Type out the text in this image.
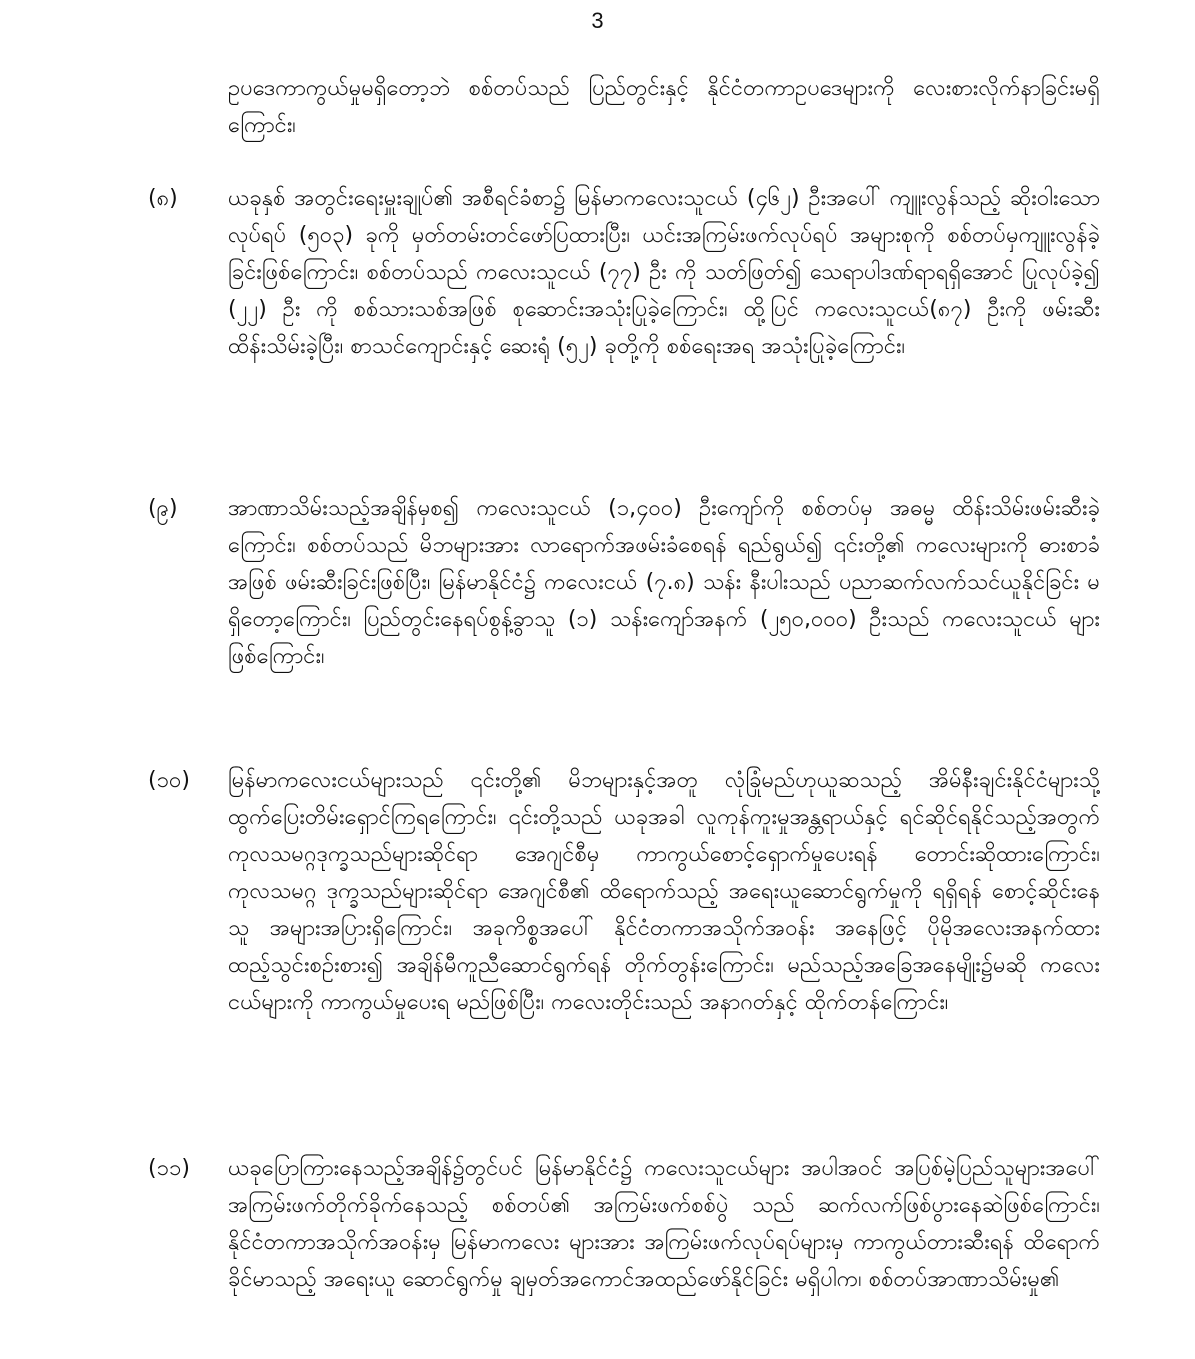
3

ဥပဒေကာကွယ်မှုမရှိတော့ဘဲ စစ်တပ်သည် ပြည်တွင်းနှင့် နိုင်ငံတကာဥပဒေများကို လေးစားလိုက်နာခြင်းမရှိကြောင်း၊

(၈)	ယခုနှစ် အတွင်းရေးမှူးချုပ်၏ အစီရင်ခံစာ၌ မြန်မာကလေးသူငယ် (၄၆၂) ဦးအပေါ် ကျူးလွန်သည့် ဆိုးဝါးသော လုပ်ရပ် (၅၀၃) ခုကို မှတ်တမ်းတင်ဖော်ပြထားပြီး၊ ယင်းအကြမ်းဖက်လုပ်ရပ် အများစုကို စစ်တပ်မှကျူးလွန်ခဲ့ခြင်းဖြစ်ကြောင်း၊ စစ်တပ်သည် ကလေးသူငယ် (၇၇) ဦး ကို သတ်ဖြတ်၍ သေရာပါဒဏ်ရာရရှိအောင် ပြုလုပ်ခဲ့၍ (၂၂) ဦး ကို စစ်သားသစ်အဖြစ် စုဆောင်းအသုံးပြုခဲ့ကြောင်း၊ ထို့ပြင် ကလေးသူငယ်(၈၇) ဦးကို ဖမ်းဆီးထိန်းသိမ်းခဲ့ပြီး၊ စာသင်ကျောင်းနှင့် ဆေးရုံ (၅၂) ခုတို့ကို စစ်ရေးအရ အသုံးပြုခဲ့ကြောင်း၊

(၉)	အာဏာသိမ်းသည့်အချိန်မှစ၍ ကလေးသူငယ် (၁,၄၀၀) ဦးကျော်ကို စစ်တပ်မှ အဓမ္မ ထိန်းသိမ်းဖမ်းဆီးခဲ့ကြောင်း၊ စစ်တပ်သည် မိဘများအား လာရောက်အဖမ်းခံစေရန် ရည်ရွယ်၍ ၎င်းတို့၏ ကလေးများကို ဓားစာခံအဖြစ် ဖမ်းဆီးခြင်းဖြစ်ပြီး၊ မြန်မာနိုင်ငံ၌ ကလေးငယ် (၇.၈) သန်း နီးပါးသည် ပညာဆက်လက်သင်ယူနိုင်ခြင်း မရှိတော့ကြောင်း၊ ပြည်တွင်းနေရပ်စွန့်ခွာသူ (၁) သန်းကျော်အနက် (၂၅၀,၀၀၀) ဦးသည် ကလေးသူငယ် များဖြစ်ကြောင်း၊

(၁၀)	မြန်မာကလေးငယ်များသည် ၎င်းတို့၏ မိဘများနှင့်အတူ လုံခြုံမည်ဟုယူဆသည့် အိမ်နီးချင်းနိုင်ငံများသို့ ထွက်ပြေးတိမ်းရှောင်ကြရကြောင်း၊ ၎င်းတို့သည် ယခုအခါ လူကုန်ကူးမှုအန္တရာယ်နှင့် ရင်ဆိုင်ရနိုင်သည့်အတွက် ကုလသမဂ္ဂဒုက္ခသည်များဆိုင်ရာ အေဂျင်စီမှ ကာကွယ်စောင့်ရှောက်မှုပေးရန် တောင်းဆိုထားကြောင်း၊ ကုလသမဂ္ဂ ဒုက္ခသည်များဆိုင်ရာ အေဂျင်စီ၏ ထိရောက်သည့် အရေးယူဆောင်ရွက်မှုကို ရရှိရန် စောင့်ဆိုင်းနေသူ အများအပြားရှိကြောင်း၊ အခုကိစ္စအပေါ် နိုင်ငံတကာအသိုက်အဝန်း အနေဖြင့် ပိုမိုအလေးအနက်ထား ထည့်သွင်းစဉ်းစား၍ အချိန်မီကူညီဆောင်ရွက်ရန် တိုက်တွန်းကြောင်း၊ မည်သည့်အခြေအနေမျိုး၌မဆို ကလေးငယ်များကို ကာကွယ်မှုပေးရ မည်ဖြစ်ပြီး၊ ကလေးတိုင်းသည် အနာဂတ်နှင့် ထိုက်တန်ကြောင်း၊

(၁၁)	ယခုပြောကြားနေသည့်အချိန်၌တွင်ပင် မြန်မာနိုင်ငံ၌ ကလေးသူငယ်များ အပါအဝင် အပြစ်မဲ့ပြည်သူများအပေါ် အကြမ်းဖက်တိုက်ခိုက်နေသည့် စစ်တပ်၏ အကြမ်းဖက်စစ်ပွဲ သည် ဆက်လက်ဖြစ်ပွားနေဆဲဖြစ်ကြောင်း၊ နိုင်ငံတကာအသိုက်အဝန်းမှ မြန်မာကလေး များအား အကြမ်းဖက်လုပ်ရပ်များမှ ကာကွယ်တားဆီးရန် ထိရောက်ခိုင်မာသည့် အရေးယူ ဆောင်ရွက်မှု ချမှတ်အကောင်အထည်ဖော်နိုင်ခြင်း မရှိပါက၊ စစ်တပ်အာဏာသိမ်းမှု၏
